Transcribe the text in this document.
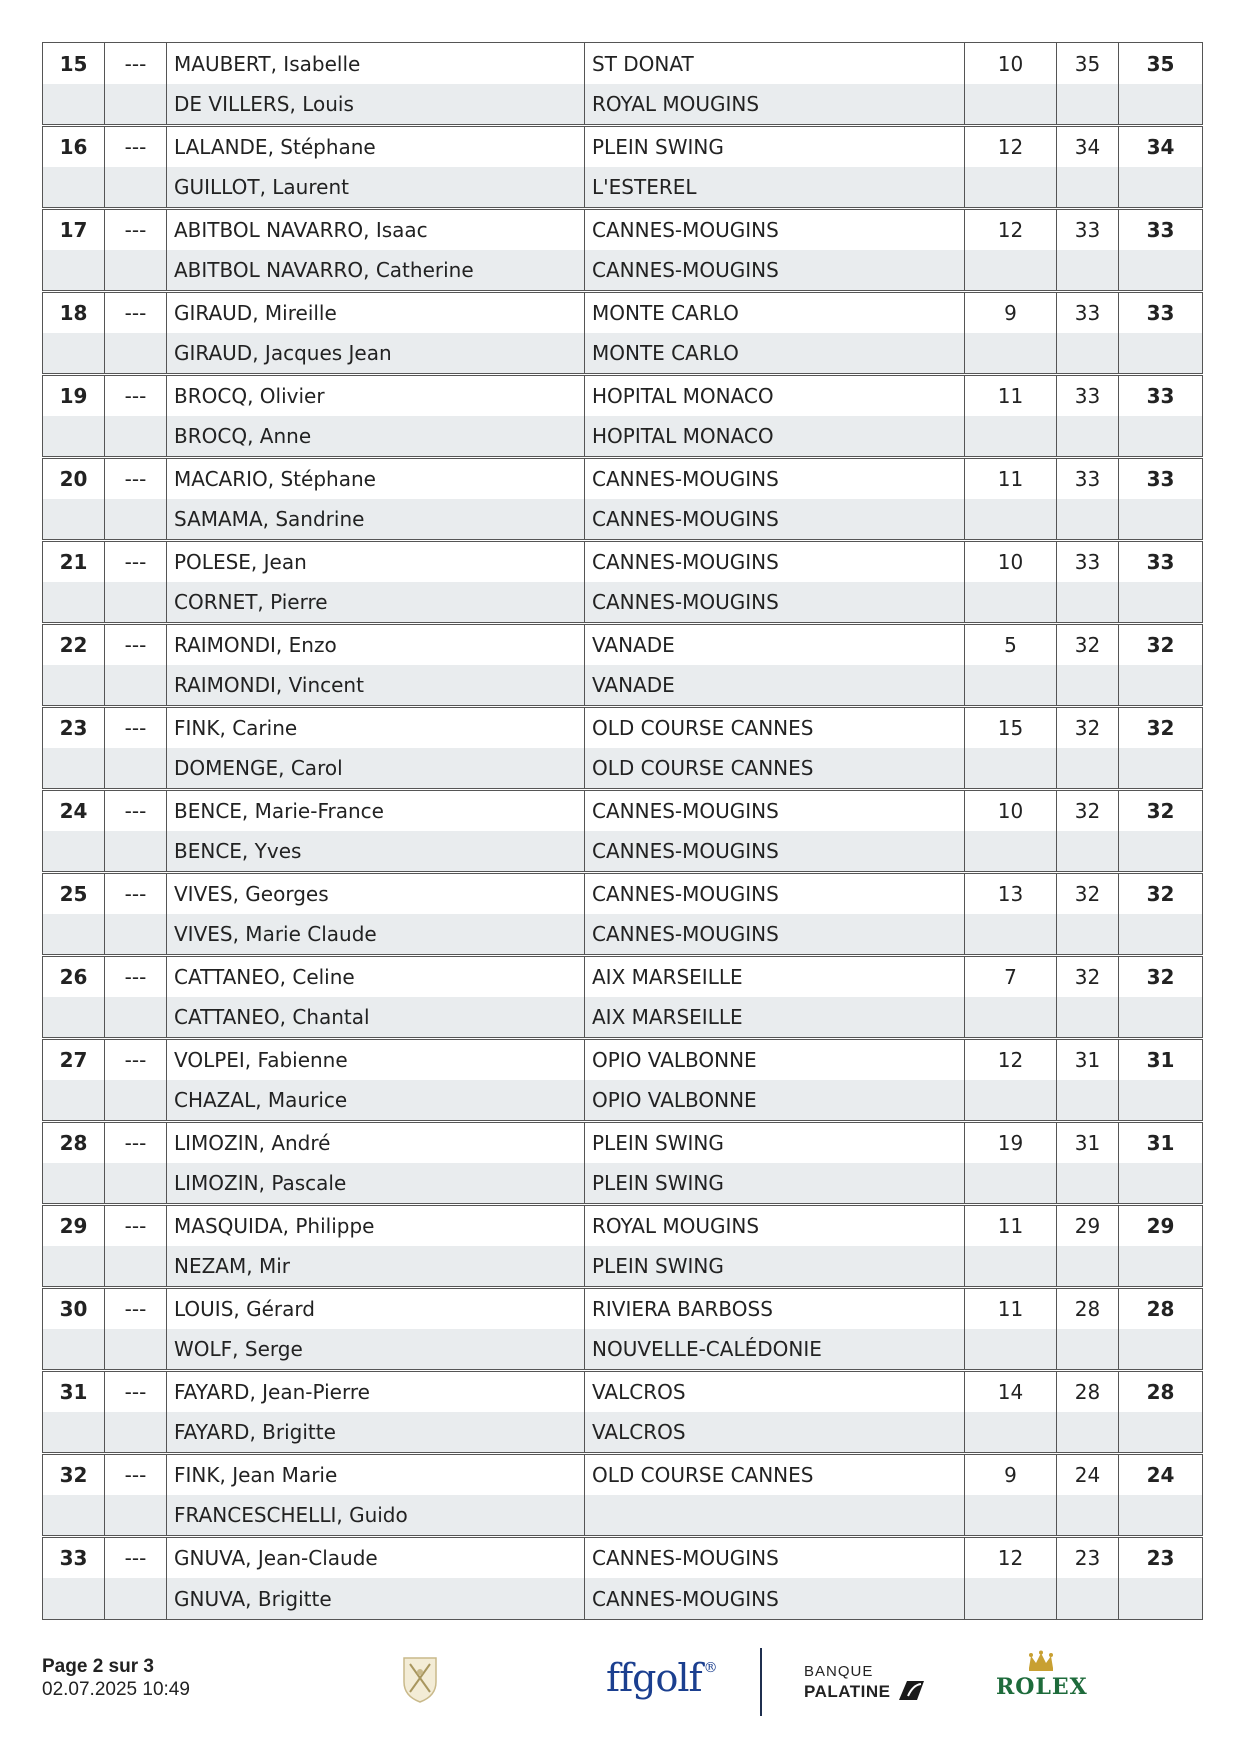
15	---	MAUBERT, Isabelle	ST DONAT	10	35	35
		DE VILLERS, Louis	ROYAL MOUGINS			
16	---	LALANDE, Stéphane	PLEIN SWING	12	34	34
		GUILLOT, Laurent	L'ESTEREL			
17	---	ABITBOL NAVARRO, Isaac	CANNES-MOUGINS	12	33	33
		ABITBOL NAVARRO, Catherine	CANNES-MOUGINS			
18	---	GIRAUD, Mireille	MONTE CARLO	9	33	33
		GIRAUD, Jacques Jean	MONTE CARLO			
19	---	BROCQ, Olivier	HOPITAL MONACO	11	33	33
		BROCQ, Anne	HOPITAL MONACO			
20	---	MACARIO, Stéphane	CANNES-MOUGINS	11	33	33
		SAMAMA, Sandrine	CANNES-MOUGINS			
21	---	POLESE, Jean	CANNES-MOUGINS	10	33	33
		CORNET, Pierre	CANNES-MOUGINS			
22	---	RAIMONDI, Enzo	VANADE	5	32	32
		RAIMONDI, Vincent	VANADE			
23	---	FINK, Carine	OLD COURSE CANNES	15	32	32
		DOMENGE, Carol	OLD COURSE CANNES			
24	---	BENCE, Marie-France	CANNES-MOUGINS	10	32	32
		BENCE, Yves	CANNES-MOUGINS			
25	---	VIVES, Georges	CANNES-MOUGINS	13	32	32
		VIVES, Marie Claude	CANNES-MOUGINS			
26	---	CATTANEO, Celine	AIX MARSEILLE	7	32	32
		CATTANEO, Chantal	AIX MARSEILLE			
27	---	VOLPEI, Fabienne	OPIO VALBONNE	12	31	31
		CHAZAL, Maurice	OPIO VALBONNE			
28	---	LIMOZIN, André	PLEIN SWING	19	31	31
		LIMOZIN, Pascale	PLEIN SWING			
29	---	MASQUIDA, Philippe	ROYAL MOUGINS	11	29	29
		NEZAM, Mir	PLEIN SWING			
30	---	LOUIS, Gérard	RIVIERA BARBOSS	11	28	28
		WOLF, Serge	NOUVELLE-CALÉDONIE			
31	---	FAYARD, Jean-Pierre	VALCROS	14	28	28
		FAYARD, Brigitte	VALCROS			
32	---	FINK, Jean Marie	OLD COURSE CANNES	9	24	24
		FRANCESCHELLI, Guido				
33	---	GNUVA, Jean-Claude	CANNES-MOUGINS	12	23	23
		GNUVA, Brigitte	CANNES-MOUGINS			
Page 2 sur 3
02.07.2025 10:49	ffgolf ®	BANQUE
PALATINE	ROLEX
